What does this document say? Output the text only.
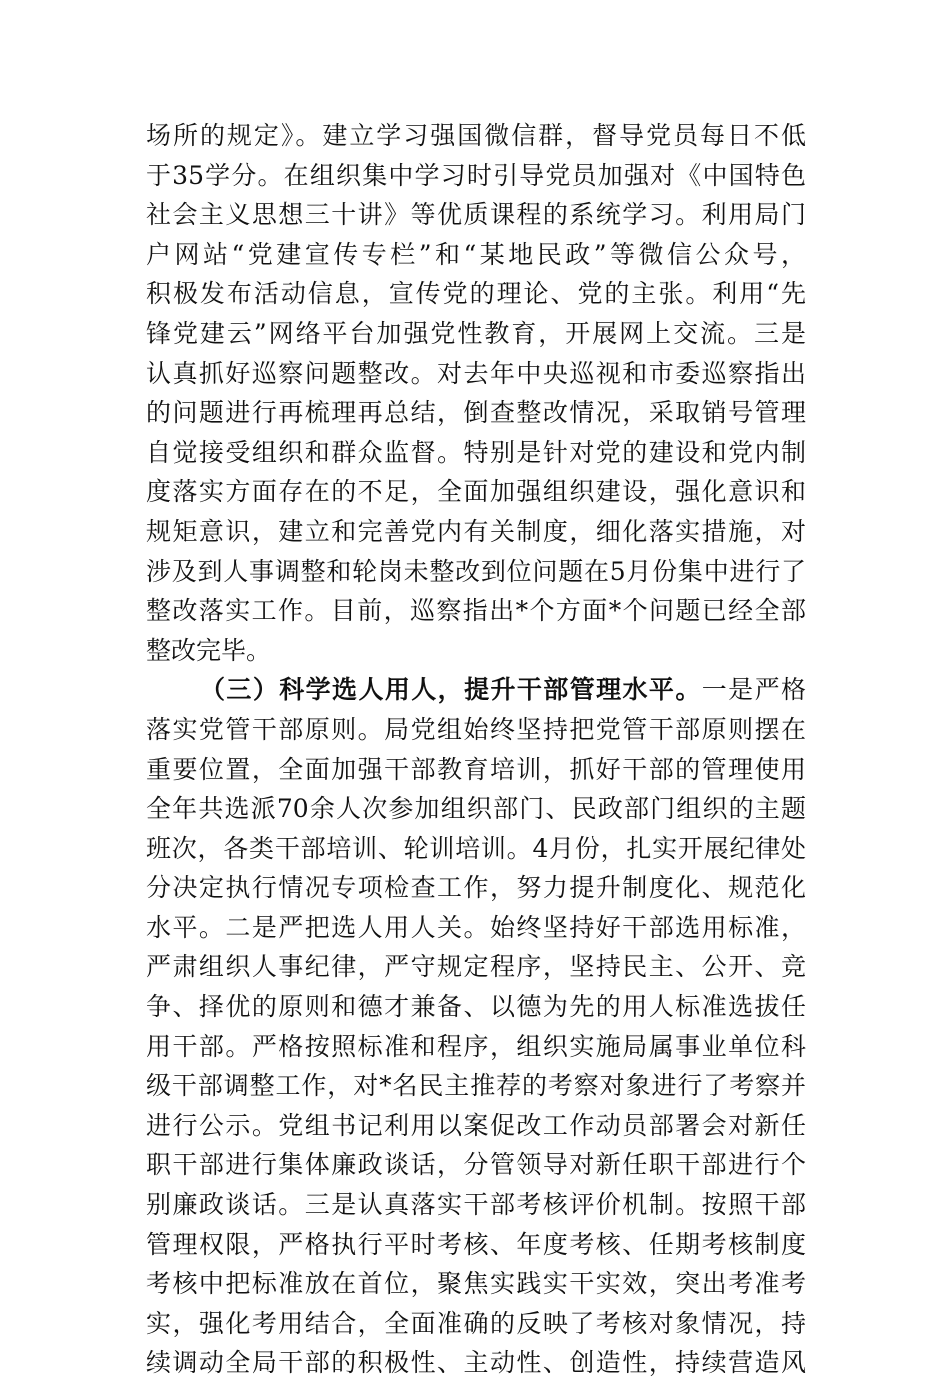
场所的规定》。建立学习强国微信群，督导党员每日不低
于35学分。在组织集中学习时引导党员加强对《中国特色
社会主义思想三十讲》等优质课程的系统学习。利用局门
户网站“党建宣传专栏”和“某地民政”等微信公众号，
积极发布活动信息，宣传党的理论、党的主张。利用“先
锋党建云”网络平台加强党性教育，开展网上交流。三是
认真抓好巡察问题整改。对去年中央巡视和市委巡察指出
的问题进行再梳理再总结，倒查整改情况，采取销号管理
自觉接受组织和群众监督。特别是针对党的建设和党内制
度落实方面存在的不足，全面加强组织建设，强化意识和
规矩意识，建立和完善党内有关制度，细化落实措施，对
涉及到人事调整和轮岗未整改到位问题在5月份集中进行了
整改落实工作。目前，巡察指出*个方面*个问题已经全部
整改完毕。
（三）科学选人用人，提升干部管理水平。一是严格
落实党管干部原则。局党组始终坚持把党管干部原则摆在
重要位置，全面加强干部教育培训，抓好干部的管理使用
全年共选派70余人次参加组织部门、民政部门组织的主题
班次，各类干部培训、轮训培训。4月份，扎实开展纪律处
分决定执行情况专项检查工作，努力提升制度化、规范化
水平。二是严把选人用人关。始终坚持好干部选用标准，
严肃组织人事纪律，严守规定程序，坚持民主、公开、竞
争、择优的原则和德才兼备、以德为先的用人标准选拔任
用干部。严格按照标准和程序，组织实施局属事业单位科
级干部调整工作，对*名民主推荐的考察对象进行了考察并
进行公示。党组书记利用以案促改工作动员部署会对新任
职干部进行集体廉政谈话，分管领导对新任职干部进行个
别廉政谈话。三是认真落实干部考核评价机制。按照干部
管理权限，严格执行平时考核、年度考核、任期考核制度
考核中把标准放在首位，聚焦实践实干实效，突出考准考
实，强化考用结合，全面准确的反映了考核对象情况，持
续调动全局干部的积极性、主动性、创造性，持续营造风
